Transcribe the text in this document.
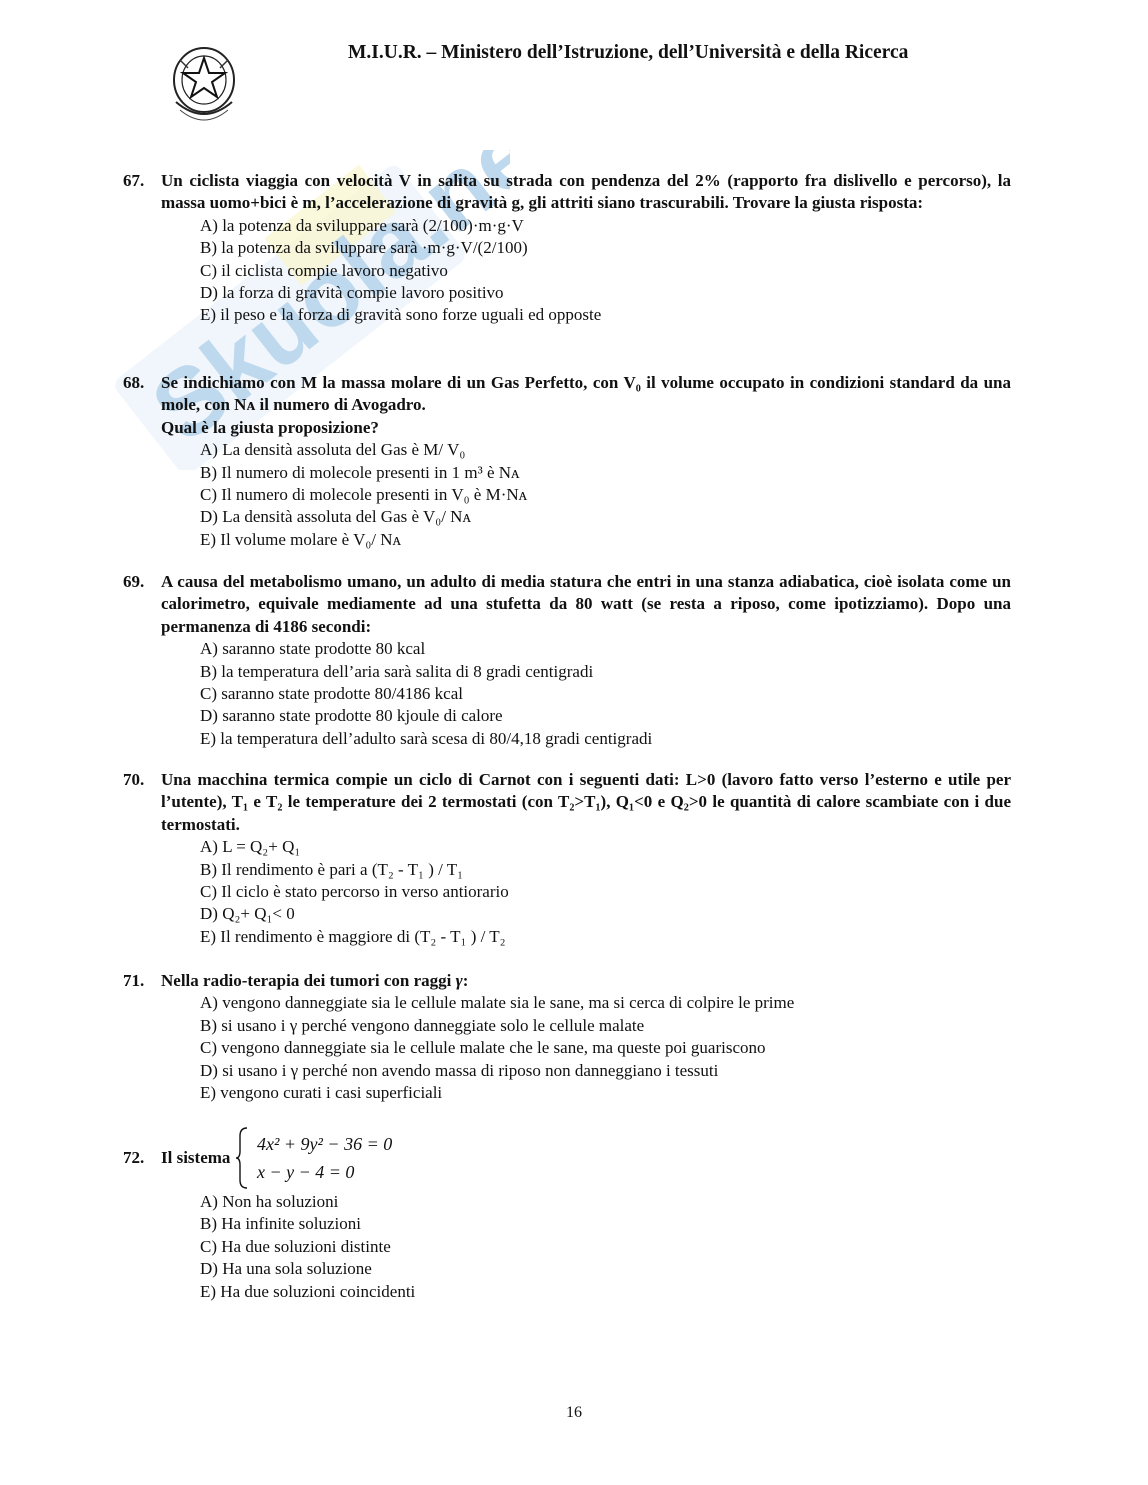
M.I.U.R. – Ministero dell’Istruzione, dell’Università e della Ricerca
Skuola.net
67. Un ciclista viaggia con velocità V in salita su strada con pendenza del 2% (rapporto fra dislivello e percorso), la massa uomo+bici è m, l’accelerazione di gravità g, gli attriti siano trascurabili. Trovare la giusta risposta:
A) la potenza da sviluppare sarà (2/100)·m·g·V
B) la potenza da sviluppare sarà ·m·g·V/(2/100)
C) il ciclista compie lavoro negativo
D) la forza di gravità compie lavoro positivo
E) il peso e la forza di gravità sono forze uguali ed opposte
68. Se indichiamo con M la massa molare di un Gas Perfetto, con V₀ il volume occupato in condizioni standard da una mole, con Nᴀ il numero di Avogadro.
Qual è la giusta proposizione?
A) La densità assoluta del Gas è M/ V₀
B) Il numero di molecole presenti in 1 m³ è Nᴀ
C) Il numero di molecole presenti in V₀ è M·Nᴀ
D) La densità assoluta del Gas è V₀/ Nᴀ
E) Il volume molare è V₀/ Nᴀ
69. A causa del metabolismo umano, un adulto di media statura che entri in una stanza adiabatica, cioè isolata come un calorimetro, equivale mediamente ad una stufetta da 80 watt (se resta a riposo, come ipotizziamo). Dopo una permanenza di 4186 secondi:
A) saranno state prodotte 80 kcal
B) la temperatura dell’aria sarà salita di 8 gradi centigradi
C) saranno state prodotte 80/4186 kcal
D) saranno state prodotte 80 kjoule di calore
E) la temperatura dell’adulto sarà scesa di 80/4,18 gradi centigradi
70. Una macchina termica compie un ciclo di Carnot con i seguenti dati: L>0 (lavoro fatto verso l’esterno e utile per l’utente), T₁ e T₂ le temperature dei 2 termostati (con T₂>T₁), Q₁<0 e Q₂>0 le quantità di calore scambiate con i due termostati.
A) L = Q₂+ Q₁
B) Il rendimento è pari a (T₂ - T₁ ) / T₁
C) Il ciclo è stato percorso in verso antiorario
D) Q₂+ Q₁< 0
E) Il rendimento è maggiore di (T₂ - T₁ ) / T₂
71. Nella radio-terapia dei tumori con raggi γ:
A) vengono danneggiate sia le cellule malate sia le sane, ma si cerca di colpire le prime
B) si usano i γ perché vengono danneggiate solo le cellule malate
C) vengono danneggiate sia le cellule malate che le sane, ma queste poi guariscono
D) si usano i γ perché non avendo massa di riposo non danneggiano i tessuti
E) vengono curati i casi superficiali
72. Il sistema
4x² + 9y² − 36 = 0
x − y − 4 = 0
A) Non ha soluzioni
B) Ha infinite soluzioni
C) Ha due soluzioni distinte
D) Ha una sola soluzione
E) Ha due soluzioni coincidenti
16
